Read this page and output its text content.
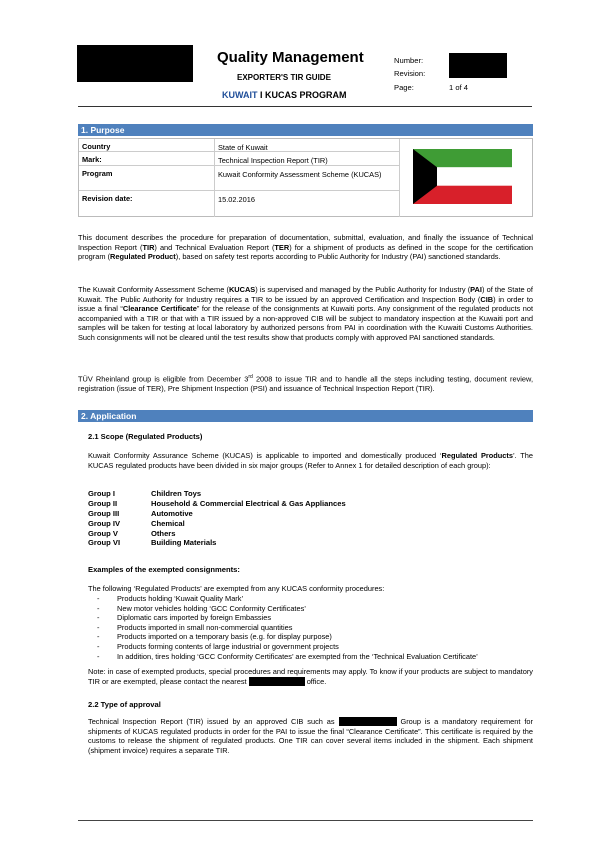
Quality Management
EXPORTER'S TIR GUIDE
KUWAIT I KUCAS PROGRAM
Number:
Revision:
Page:	1 of 4
1. Purpose
Country	State of Kuwait
Mark:	Technical Inspection Report (TIR)
Program	Kuwait Conformity Assessment Scheme (KUCAS)
Revision date:	15.02.2016
This document describes the procedure for preparation of documentation, submittal, evaluation, and finally the issuance of Technical Inspection Report (TIR) and Technical Evaluation Report (TER) for a shipment of products as defined in the scope for the certification program (Regulated Product), based on safety test reports according to Public Authority for Industry (PAI) sanctioned standards.
The Kuwait Conformity Assessment Scheme (KUCAS) is supervised and managed by the Public Authority for Industry (PAI) of the State of Kuwait. The Public Authority for Industry requires a TIR to be issued by an approved Certification and Inspection Body (CIB) in order to issue a final “Clearance Certificate” for the release of the consignments at Kuwaiti ports. Any consignment of the regulated products not accompanied with a TIR or that with a TIR issued by a non-approved CIB will be subject to mandatory inspection at the Kuwaiti port and samples will be taken for testing at local laboratory by authorized persons from PAI in coordination with the Kuwaiti Customs Authorities. Such consignments will not be cleared until the test results show that products comply with approved PAI sanctioned standards.
TÜV Rheinland group is eligible from December 3rd 2008 to issue TIR and to handle all the steps including testing, document review, registration (issue of TER), Pre Shipment Inspection (PSI) and issuance of Technical Inspection Report (TIR).
2. Application
2.1 Scope (Regulated Products)
Kuwait Conformity Assurance Scheme (KUCAS) is applicable to imported and domestically produced ‘Regulated Products’. The KUCAS regulated products have been divided in six major groups (Refer to Annex 1 for detailed description of each group):
Group I	Children Toys
Group II	Household & Commercial Electrical & Gas Appliances
Group III	Automotive
Group IV	Chemical
Group V	Others
Group VI	Building Materials
Examples of the exempted consignments:
The following ‘Regulated Products’ are exempted from any KUCAS conformity procedures:
- Products holding ‘Kuwait Quality Mark’
- New motor vehicles holding ‘GCC Conformity Certificates’
- Diplomatic cars imported by foreign Embassies
- Products imported in small non-commercial quantities
- Products imported on a temporary basis (e.g. for display purpose)
- Products forming contents of large industrial or government projects
- In addition, tires holding ‘GCC Conformity Certificates’ are exempted from the ‘Technical Evaluation Certificate’
Note: in case of exempted products, special procedures and requirements may apply. To know if your products are subject to mandatory TIR or are exempted, please contact the nearest	office.
2.2 Type of approval
Technical Inspection Report (TIR) issued by an approved CIB such as	Group is a mandatory requirement for shipments of KUCAS regulated products in order for the PAI to issue the final “Clearance Certificate”. This certificate is required by the customs to release the shipment of regulated products. One TIR can cover several items included in the shipment. Each shipment (shipment invoice) requires a separate TIR.
